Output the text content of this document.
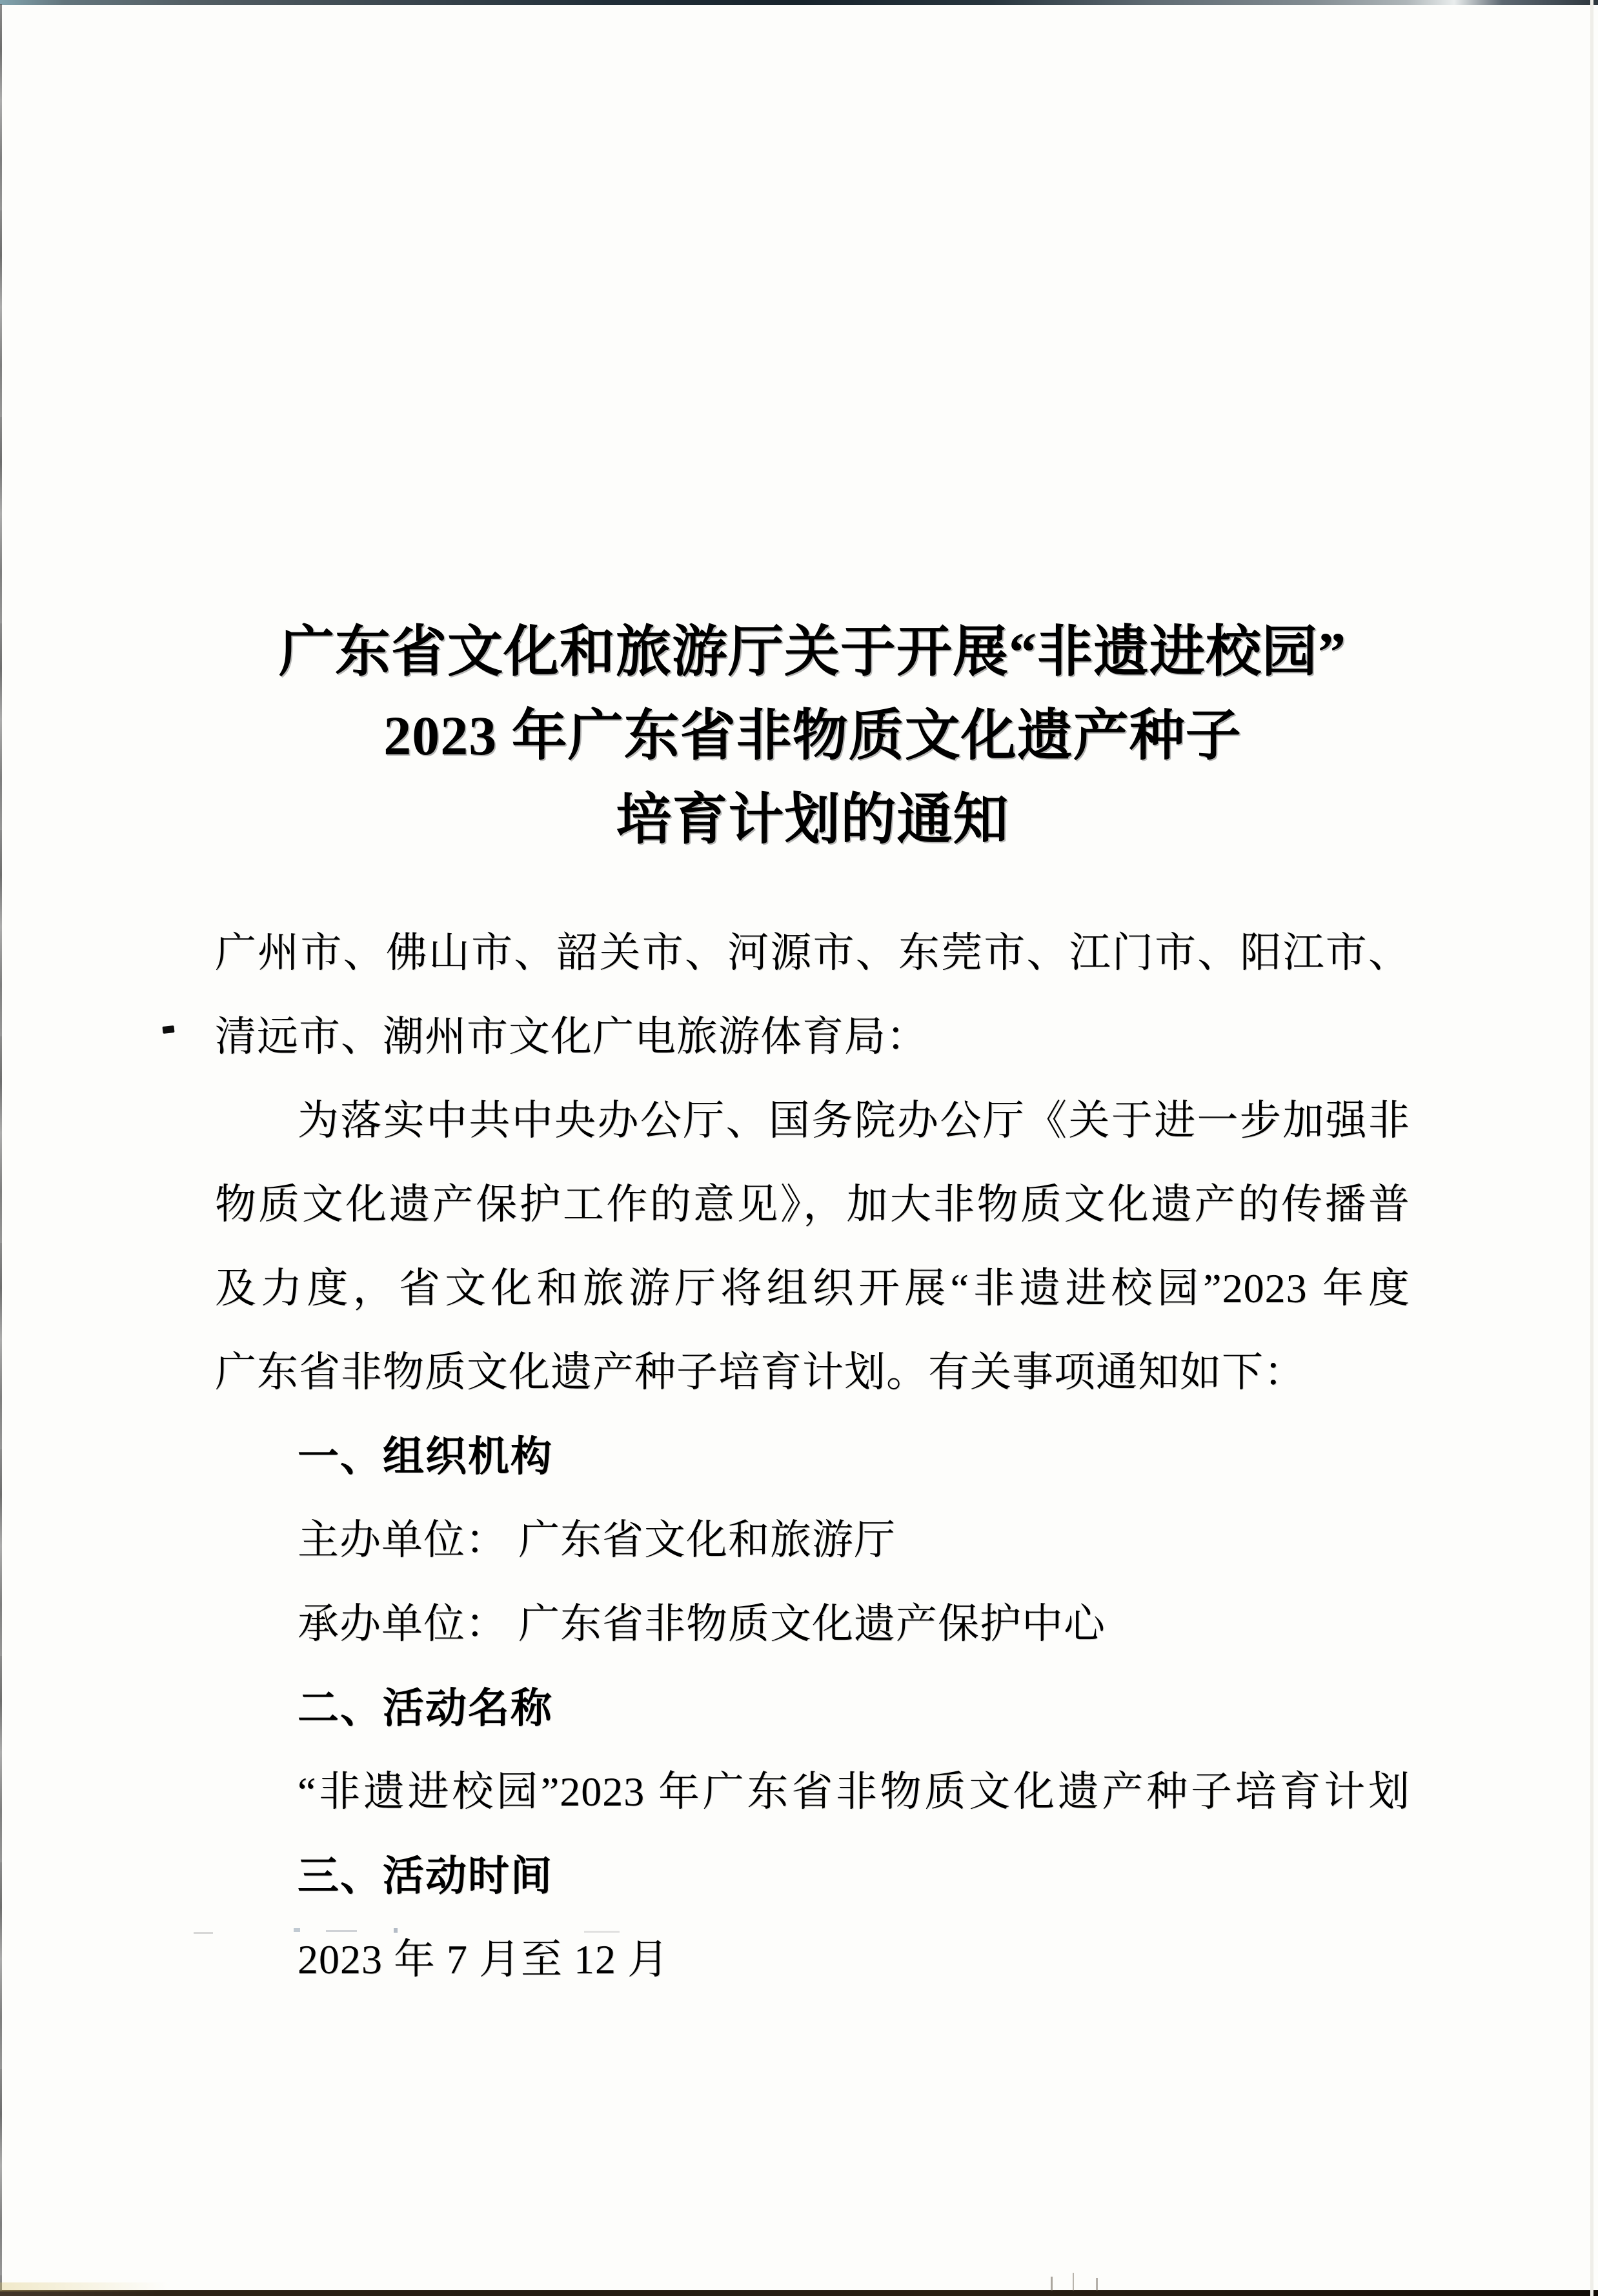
广东省文化和旅游厅关于开展“非遗进校园”
2023 年广东省非物质文化遗产种子
培育计划的通知
广州市、佛山市、韶关市、河源市、东莞市、江门市、阳江市、
清远市、潮州市文化广电旅游体育局：
为落实中共中央办公厅、国务院办公厅《关于进一步加强非
物质文化遗产保护工作的意见》，加大非物质文化遗产的传播普
及力度，省文化和旅游厅将组织开展“非遗进校园”2023 年度
广东省非物质文化遗产种子培育计划。有关事项通知如下：
一、组织机构
主办单位： 广东省文化和旅游厅
承办单位： 广东省非物质文化遗产保护中心
二、活动名称
“非遗进校园”2023 年广东省非物质文化遗产种子培育计划
三、活动时间
2023 年 7 月至 12 月
